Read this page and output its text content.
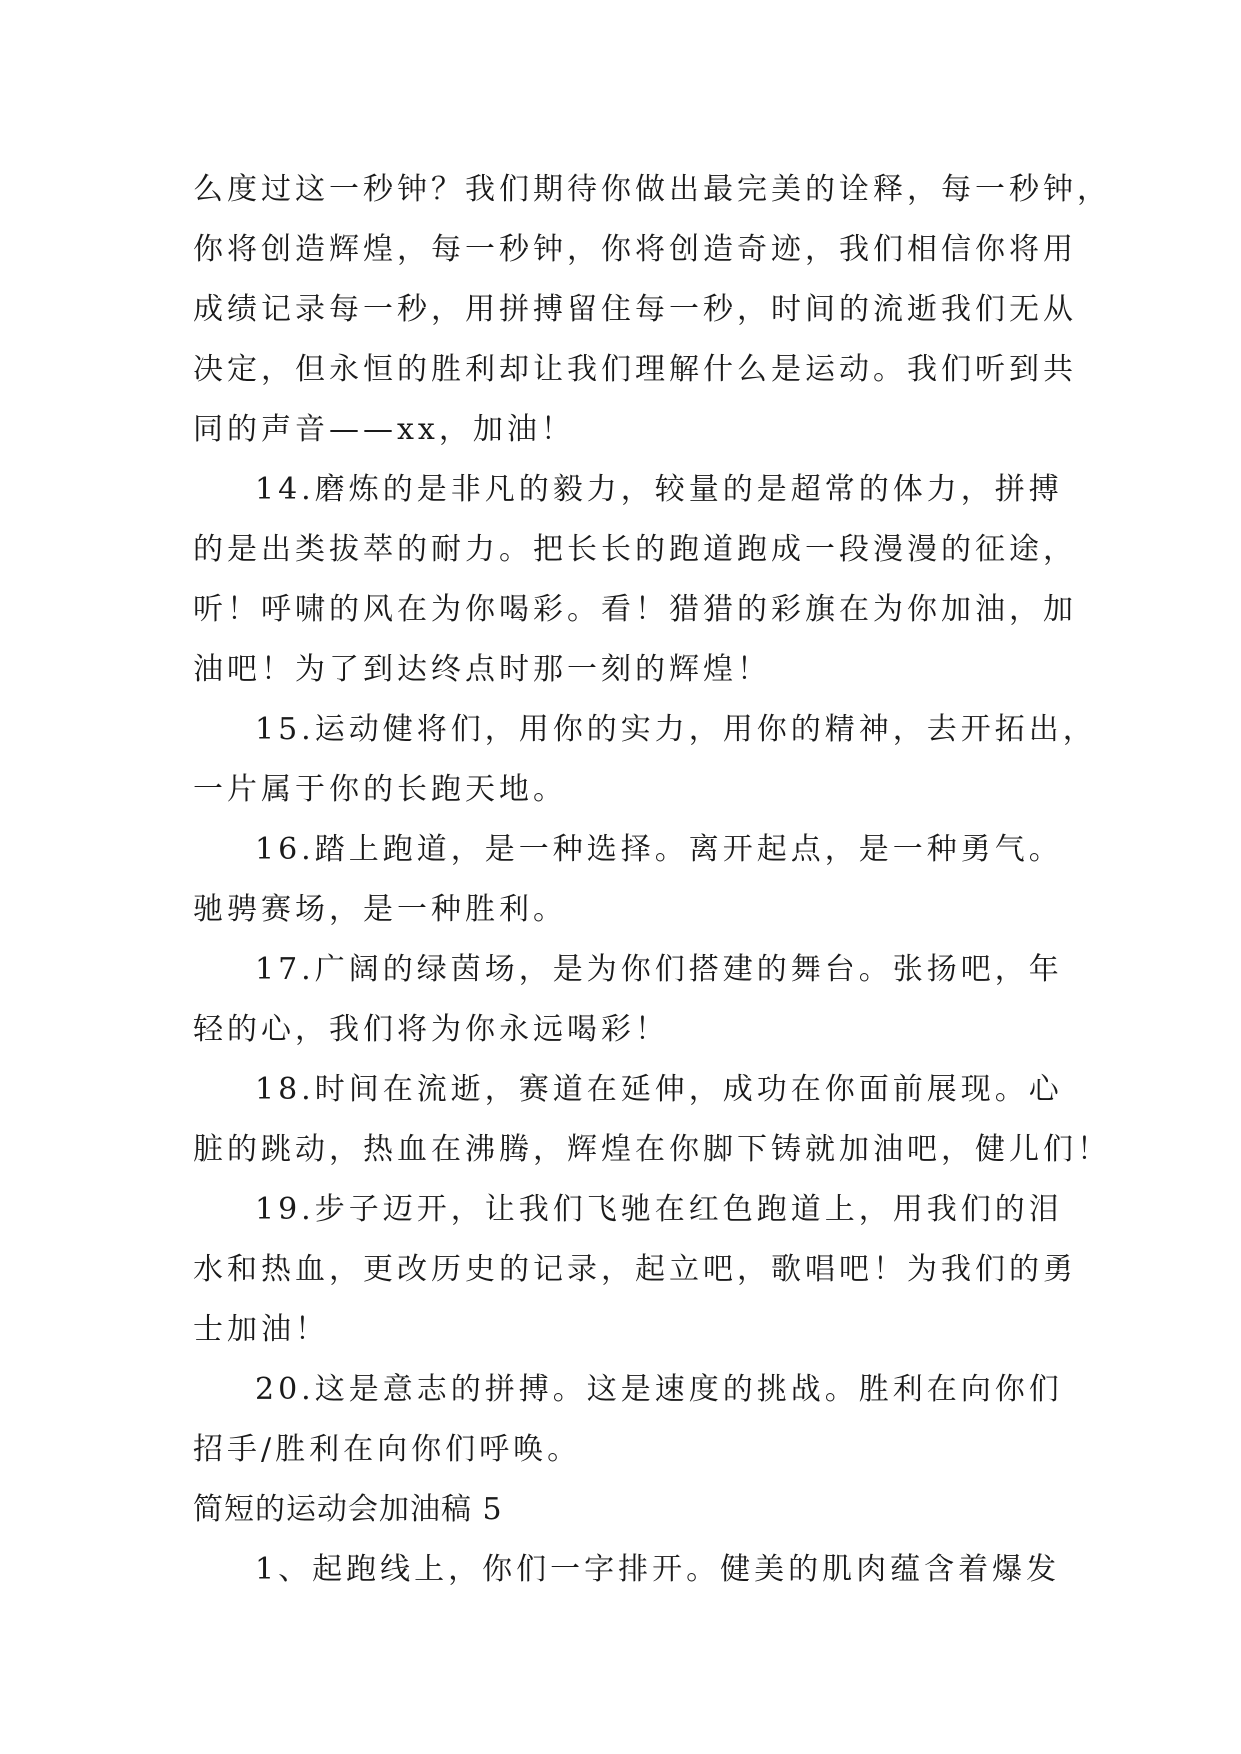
么度过这一秒钟？我们期待你做出最完美的诠释，每一秒钟，
你将创造辉煌，每一秒钟，你将创造奇迹，我们相信你将用
成绩记录每一秒，用拼搏留住每一秒，时间的流逝我们无从
决定，但永恒的胜利却让我们理解什么是运动。我们听到共
同的声音——xx，加油！
14.磨炼的是非凡的毅力，较量的是超常的体力，拼搏
的是出类拔萃的耐力。把长长的跑道跑成一段漫漫的征途，
听！呼啸的风在为你喝彩。看！猎猎的彩旗在为你加油，加
油吧！为了到达终点时那一刻的辉煌！
15.运动健将们，用你的实力，用你的精神，去开拓出，
一片属于你的长跑天地。
16.踏上跑道，是一种选择。离开起点，是一种勇气。
驰骋赛场，是一种胜利。
17.广阔的绿茵场，是为你们搭建的舞台。张扬吧，年
轻的心，我们将为你永远喝彩！
18.时间在流逝，赛道在延伸，成功在你面前展现。心
脏的跳动，热血在沸腾，辉煌在你脚下铸就加油吧，健儿们！
19.步子迈开，让我们飞驰在红色跑道上，用我们的泪
水和热血，更改历史的记录，起立吧，歌唱吧！为我们的勇
士加油！
20.这是意志的拼搏。这是速度的挑战。胜利在向你们
招手/胜利在向你们呼唤。
简短的运动会加油稿 5
1、起跑线上，你们一字排开。健美的肌肉蕴含着爆发
